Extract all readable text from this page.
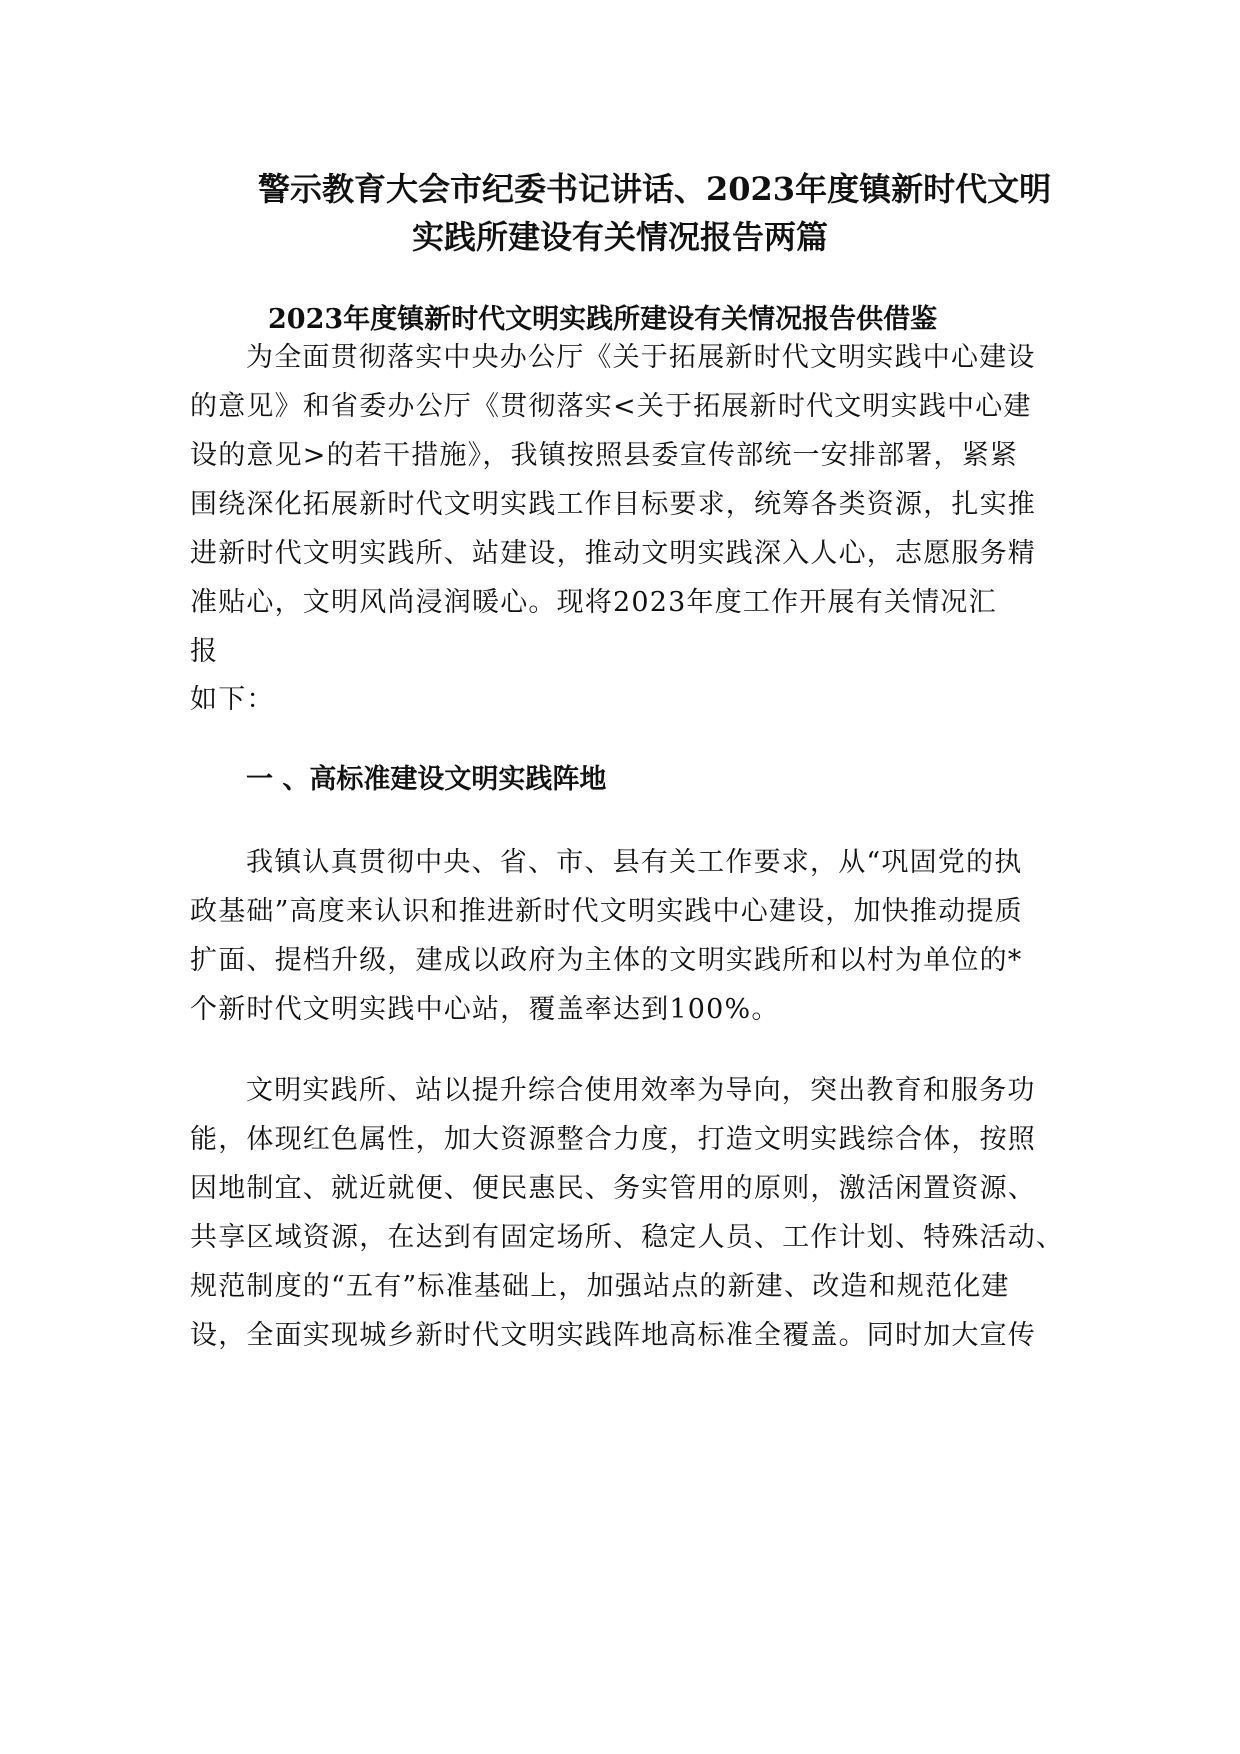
警示教育大会市纪委书记讲话、2023年度镇新时代文明
实践所建设有关情况报告两篇
2023年度镇新时代文明实践所建设有关情况报告供借鉴

为全面贯彻落实中央办公厅《关于拓展新时代文明实践中心建设

的意见》和省委办公厅《贯彻落实<关于拓展新时代文明实践中心建

设的意见>的若干措施》，我镇按照县委宣传部统一安排部署，紧紧

围绕深化拓展新时代文明实践工作目标要求，统筹各类资源，扎实推

进新时代文明实践所、站建设，推动文明实践深入人心，志愿服务精

准贴心，文明风尚浸润暖心。现将2023年度工作开展有关情况汇

报

如下：

一 、高标准建设文明实践阵地

我镇认真贯彻中央、省、市、县有关工作要求，从“巩固党的执

政基础”高度来认识和推进新时代文明实践中心建设，加快推动提质

扩面、提档升级，建成以政府为主体的文明实践所和以村为单位的*

个新时代文明实践中心站，覆盖率达到100%。

文明实践所、站以提升综合使用效率为导向，突出教育和服务功

能，体现红色属性，加大资源整合力度，打造文明实践综合体，按照

因地制宜、就近就便、便民惠民、务实管用的原则，激活闲置资源、

共享区域资源，在达到有固定场所、稳定人员、工作计划、特殊活动、

规范制度的“五有”标准基础上，加强站点的新建、改造和规范化建

设，全面实现城乡新时代文明实践阵地高标准全覆盖。同时加大宣传
